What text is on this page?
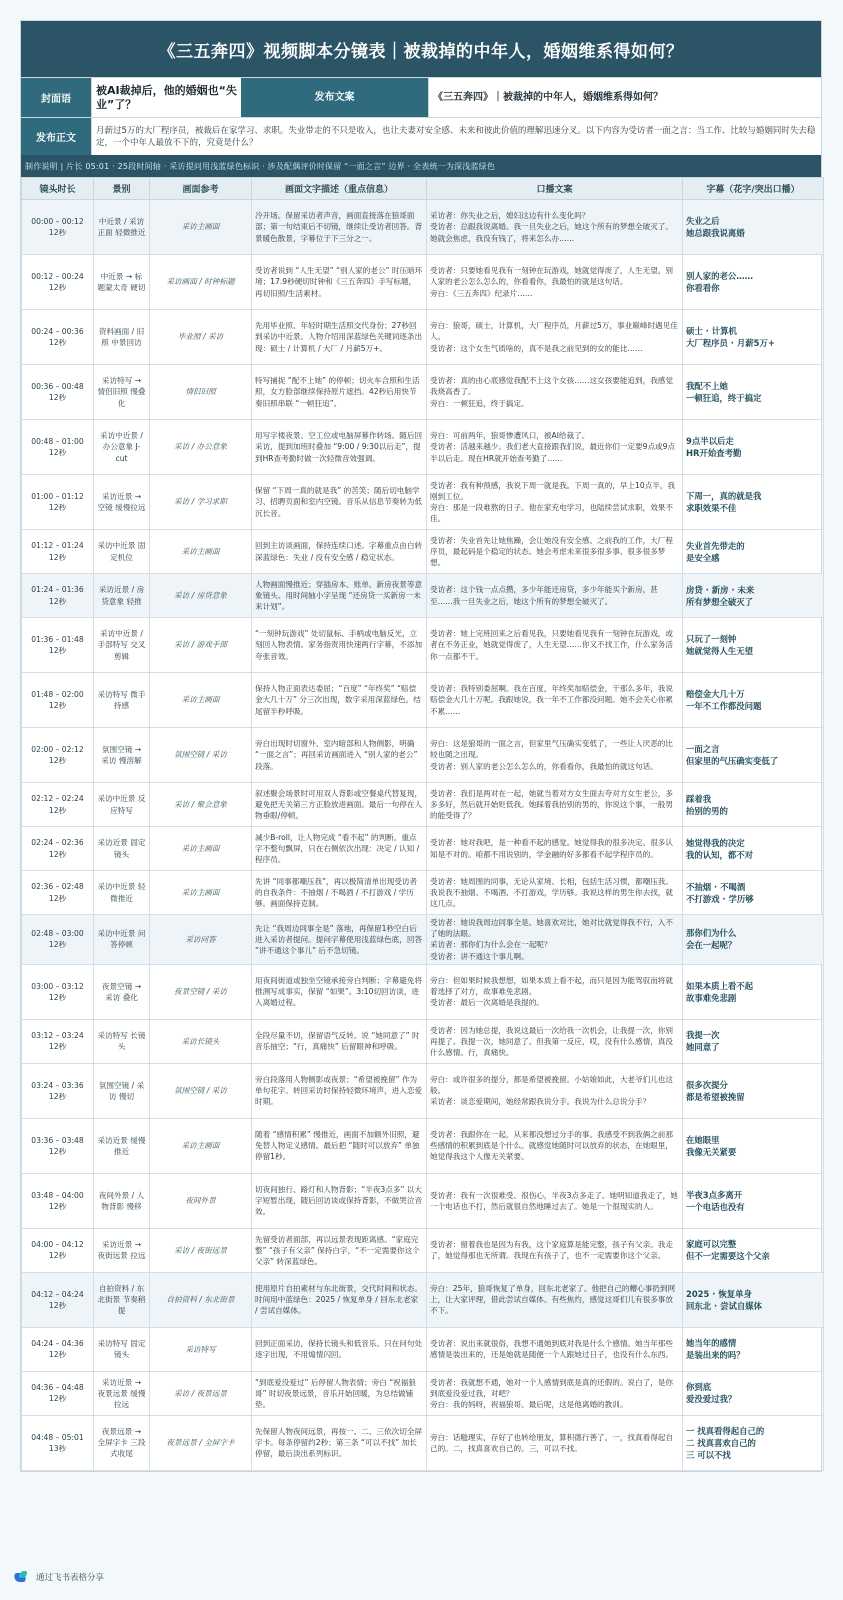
《三五奔四》视频脚本分镜表｜被裁掉的中年人，婚姻维系得如何？
封面语
被AI裁掉后，他的婚姻也“失业”了？
发布文案	《三五奔四》｜被裁掉的中年人，婚姻维系得如何？
发布正文
月薪过5万的大厂程序员，被裁后在家学习、求职。失业带走的不只是收入，也让夫妻对安全感、未来和彼此价值的理解迅速分叉。以下内容为受访者一面之言：当工作、比较与婚姻同时失去稳定，一个中年人最放不下的，究竟是什么？
制作说明 | 片长 05:01 · 25段时间轴 · 采访提问用浅蓝绿色标识 · 涉及配偶评价时保留 “一面之言” 边界 · 全表统一为深浅蓝绿色
镜头时长	景别	画面参考	画面文字描述（重点信息）	口播文案	字幕（花字/突出口播）
00:00 – 00:12
12秒	中近景 / 采访正面 轻微推近	采访主画面	冷开场。保留采访者声音，画面直接落在狼哥面部；第一句结束后不切镜，继续让受访者回答。背景暖色散景，字幕位于下三分之一。	采访者：你失业之后，媳妇这边有什么变化吗？
受访者：总跟我说离婚。我一旦失业之后，她这个所有的梦想全破灭了。她就会焦虑，我没有钱了，将来怎么办……	失业之后
她总跟我说离婚
00:12 – 00:24
12秒	中近景 → 标题蒙太奇 硬切	采访画面 / 时钟标题	受访者说到 “人生无望” “别人家的老公” 时压暗环境；17.9秒硬切时钟和《三五奔四》手写标题，再切旧照/生活素材。	受访者：只要她看见我有一刻钟在玩游戏，她就觉得废了，人生无望。别人家的老公怎么怎么的，你看看你，我最怕的就是这句话。
旁白：《三五奔四》纪录片……	别人家的老公……
你看看你
00:24 – 00:36
12秒	资料画面 / 旧照 中景回访	毕业照 / 采访	先用毕业照、年轻时期生活照交代身份；27秒回到采访中近景。人物介绍用深蓝绿色关键词逐条出现：硕士 / 计算机 / 大厂 / 月薪5万+。	旁白：狼哥，硕士，计算机，大厂程序员，月薪过5万，事业巅峰时遇见佳人。
受访者：这个女生气质啥的，真不是我之前见到的女的能比……	硕士 · 计算机
大厂程序员 · 月薪5万+
00:36 – 00:48
12秒	采访特写 → 情侣旧照 慢叠化	情侣旧照	特写捕捉 “配不上她” 的停顿；切火车合照和生活照，女方脸部继续保持原片遮挡。42秒后用快节奏旧照串联 “一顿狂追”。	受访者：真的由心底感觉我配不上这个女孩……这女孩要能追到，我感觉我烧高香了。
旁白：一顿狂追，终于搞定。	我配不上她
一顿狂追，终于搞定
00:48 – 01:00
12秒	采访中近景 / 办公意象 J-cut	采访 / 办公意象	用写字楼夜景、空工位或电脑屏幕作转场。随后回采访，提到加班时叠加 “9:00 / 9:30以后走”，提到HR查考勤时做一次轻微音效强调。	旁白：可前两年，狼哥惨遭风口，被AI给裁了。
受访者：活越来越少。我们老大直接跟我们说，最近你们一定要9点或9点半以后走。现在HR就开始查考勤了……	9点半以后走
HR开始查考勤
01:00 – 01:12
12秒	采访近景 → 空镜 缓慢拉远	采访 / 学习求职	保留 “下周一真的就是我” 的苦笑；随后切电脑学习、招聘页面和室内空镜。音乐从信息节奏转为低沉长音。	受访者：我有种预感，我说下周一就是我。下周一真的，早上10点半，我刚到工位。
旁白：那是一段难熬的日子。他在家充电学习，也陆续尝试求职，效果不佳。	下周一，真的就是我
求职效果不佳
01:12 – 01:24
12秒	采访中近景 固定机位	采访主画面	回到主访谈画面，保持连续口述。字幕重点由白转深蓝绿色：失业 / 没有安全感 / 稳定状态。	受访者：失业首先让她焦躁，会让她没有安全感。之前我的工作，大厂程序员，最起码是个稳定的状态。她会考虑未来很多很多事、很多很多梦想。	失业首先带走的
是安全感
01:24 – 01:36
12秒	采访近景 / 房贷意象 轻推	采访 / 房贷意象	人物画面慢推近；穿插房本、账单、新房夜景等意象镜头。用时间轴小字呈现 “还房贷一买新房一未来计划”。	受访者：这个钱一点点攒，多少年能还房贷，多少年能买个新房，甚至……我一旦失业之后，她这个所有的梦想全破灭了。	房贷 · 新房 · 未来
所有梦想全破灭了
01:36 – 01:48
12秒	采访中近景 / 手部特写 交叉剪辑	采访 / 游戏手部	“一刻钟玩游戏” 处切鼠标、手柄或电脑反光，立刻回人物表情。家务指责用快速两行字幕，不添加夸张音效。	受访者：她上完班回来之后看见我，只要她看见我有一刻钟在玩游戏，或者在不务正业，她就觉得废了，人生无望……你又不找工作，什么家务活你一点都不干。	只玩了一刻钟
她就觉得人生无望
01:48 – 02:00
12秒	采访特写 微手持感	采访主画面	保持人物正面表达委屈；“百度” “年终奖” “赔偿金大几十万” 分三次出现，数字采用深蓝绿色。结尾留半秒呼吸。	受访者：我特别委屈啊。我在百度，年终奖加赔偿金，干那么多年，我说赔偿金大几十万呢。我跟她说，我一年不工作都没问题。她不会关心你累不累……	赔偿金大几十万
一年不工作都没问题
02:00 – 02:12
12秒	氛围空镜 → 采访 慢溶解	氛围空镜 / 采访	旁白出现时切窗外、室内暗部和人物侧影，明确 “一面之言”；再回采访画面进入 “别人家的老公” 段落。	旁白：这是狼哥的一面之言，但家里气压确实变低了，一些让人厌恶的比较也随之出现。
受访者：别人家的老公怎么怎么的，你看看你，我最怕的就这句话。	一面之言
但家里的气压确实变低了
02:12 – 02:24
12秒	采访中近景 反应特写	采访 / 聚会意象	叙述聚会场景时可用双人背影或空餐桌代替复现，避免把无关第三方正脸放进画面。最后一句停在人物垂眼/停顿。	受访者：我们是两对在一起，她就当着对方女生面去夸对方女生老公，多多多好，然后就开始贬低我。她踩着我抬别的男的，你说这个事，一般男的能受得了？	踩着我
抬别的男的
02:24 – 02:36
12秒	采访近景 固定镜头	采访主画面	减少B-roll，让人物完成 “看不起” 的判断。重点字不整句飘屏，只在右侧依次出现：决定 / 认知 / 程序员。	受访者：她对我吧，是一种看不起的感觉。她觉得我的很多决定、很多认知是不对的。咱都不用说别的，学金融的好多都看不起学程序员的。	她觉得我的决定
我的认知，都不对
02:36 – 02:48
12秒	采访中近景 轻微推近	采访主画面	先讲 “同事都嘲压我”，再以极简清单出现受访者的自我条件：不抽烟 / 不喝酒 / 不打游戏 / 学历够。画面保持克制。	受访者：她周围的同事，无论从家境、长相，包括生活习惯，都嘲压我。我说我不抽烟、不喝酒、不打游戏，学历够。我说这样的男生你去找，就这几点。	不抽烟 · 不喝酒
不打游戏 · 学历够
02:48 – 03:00
12秒	采访中近景 问答停顿	采访问答	先让 “我周边同事全是” 落地，再保留1秒空白后进入采访者提问。提问字幕使用浅蓝绿色底，回答 “讲不通这个事儿” 后不急切镜。	受访者：她说我周边同事全是。她喜欢对比，她对比就觉得我不行，入不了她的法眼。
采访者：那你们为什么会在一起呢？
受访者：讲不通这个事儿啊。	那你们为什么
会在一起呢？
03:00 – 03:12
12秒	夜景空镜 → 采访 叠化	夜景空镜 / 采访	用夜间街道或独坐空镜承接旁白判断；字幕避免将推测写成事实，保留 “如果”。3:10切回访谈，进入离婚过程。	旁白：但如果时候我想想，如果本质上看不起，而只是因为能驾驭而将就着选择了对方，故事难免悲剧。
受访者：最后一次离婚是我提的。	如果本质上看不起
故事难免悲剧
03:12 – 03:24
12秒	采访特写 长镜头	采访长镜头	全段尽量不切，保留语气反转。说 “她同意了” 时音乐抽空；“行，真痛快” 后留眼神和呼吸。	受访者：因为她总提，我说这最后一次给我一次机会，让我提一次，你别再提了。我提一次，她同意了。但我第一反应，哎，没有什么感情，真没什么感情。行，真痛快。	我提一次
她同意了
03:24 – 03:36
12秒	氛围空镜 / 采访 慢切	氛围空镜 / 采访	旁白段落用人物侧影或夜景；“希望被挽留” 作为单句花字。转回采访时保持轻微环境声，进入恋爱时期。	旁白：或许很多的提分，都是希望被挽留。小姑娘如此，大老爷们儿也这般。
采访者：谈恋爱期间，她经常跟我说分手。我说为什么总说分手？	很多次提分
都是希望被挽留
03:36 – 03:48
12秒	采访近景 缓慢推近	采访主画面	随着 “感情积累” 慢推近，画面不加额外旧照，避免替人物定义感情。最后把 “随时可以放弃” 单独停留1秒。	受访者：我跟你在一起，从来都没想过分手的事。我感受不到我俩之前那些感情的积累到底是个什么。就感觉她随时可以放弃的状态，在她眼里，她觉得我这个人像无关紧要。	在她眼里
我像无关紧要
03:48 – 04:00
12秒	夜间外景 / 人物背影 慢移	夜间外景	切夜间独行、路灯和人物背影；“半夜3点多” 以大字短暂出现，随后回访谈或保持背影，不做哭泣音效。	受访者：我有一次很难受、很伤心，半夜3点多走了。她明知道我走了，她一个电话也不打，然后就很自然地睡过去了。她是一个很现实的人。	半夜3点多离开
一个电话也没有
04:00 – 04:12
12秒	采访近景 → 夜街远景 拉远	采访 / 夜街远景	先留受访者面部，再以远景表现距离感。“家庭完整” “孩子有父亲” 保持白字，“不一定需要你这个父亲” 转深蓝绿色。	受访者：留着我也是因为有我，这个家庭算是能完整，孩子有父亲。我走了，她觉得那也无所谓。我现在有孩子了，也不一定需要你这个父亲。	家庭可以完整
但不一定需要这个父亲
04:12 – 04:24
12秒	自拍资料 / 东北街景 节奏稍提	自拍资料 / 东北街景	使用原片自拍素材与东北街景，交代时间和状态。时间用中蓝绿色：2025 / 恢复单身 / 回东北老家 / 尝试自媒体。	旁白：25年，狼哥恢复了单身，回东北老家了。他把自己的糟心事扔到网上，让大家评理，借此尝试自媒体。有些焦灼，感觉这哥们儿有很多事放不下。	2025 · 恢复单身
回东北 · 尝试自媒体
04:24 – 04:36
12秒	采访特写 固定镜头	采访特写	回到正面采访，保持长镜头和低音乐。只在问句处逐字出现，不用煽情闪回。	受访者：说出来就很俗，我想不通她到底对我是什么个感情。她当年那些感情是装出来的，还是她就是随便一个人跟她过日子，也没有什么东西。	她当年的感情
是装出来的吗？
04:36 – 04:48
12秒	采访近景 → 夜景远景 缓慢拉远	采访 / 夜景远景	“到底爱没爱过” 后停留人物表情；旁白 “祝福狼哥” 时切夜景远景，音乐开始回暖，为总结做铺垫。	受访者：我就想不通，她对一个人感情到底是真的还假的。说白了，是你到底爱没爱过我，对吧？
旁白：我的妈呀，祝福狼哥。最后呢，这是他离婚的教训。	你到底
爱没爱过我？
04:48 – 05:01
13秒	夜景远景 → 全屏字卡 三段式收尾	夜景远景 / 全屏字卡	先保留人物夜间远景，再按一、二、三依次切全屏字卡。每条停留约2秒；第三条 “可以不找” 加长停留，最后淡出系列标识。	旁白：话糙理实，存好了也转给朋友，算积德行善了。一，找真看得起自己的。二，找真喜欢自己的。三，可以不找。	一 找真看得起自己的
二 找真喜欢自己的
三 可以不找
通过飞书表格分享
